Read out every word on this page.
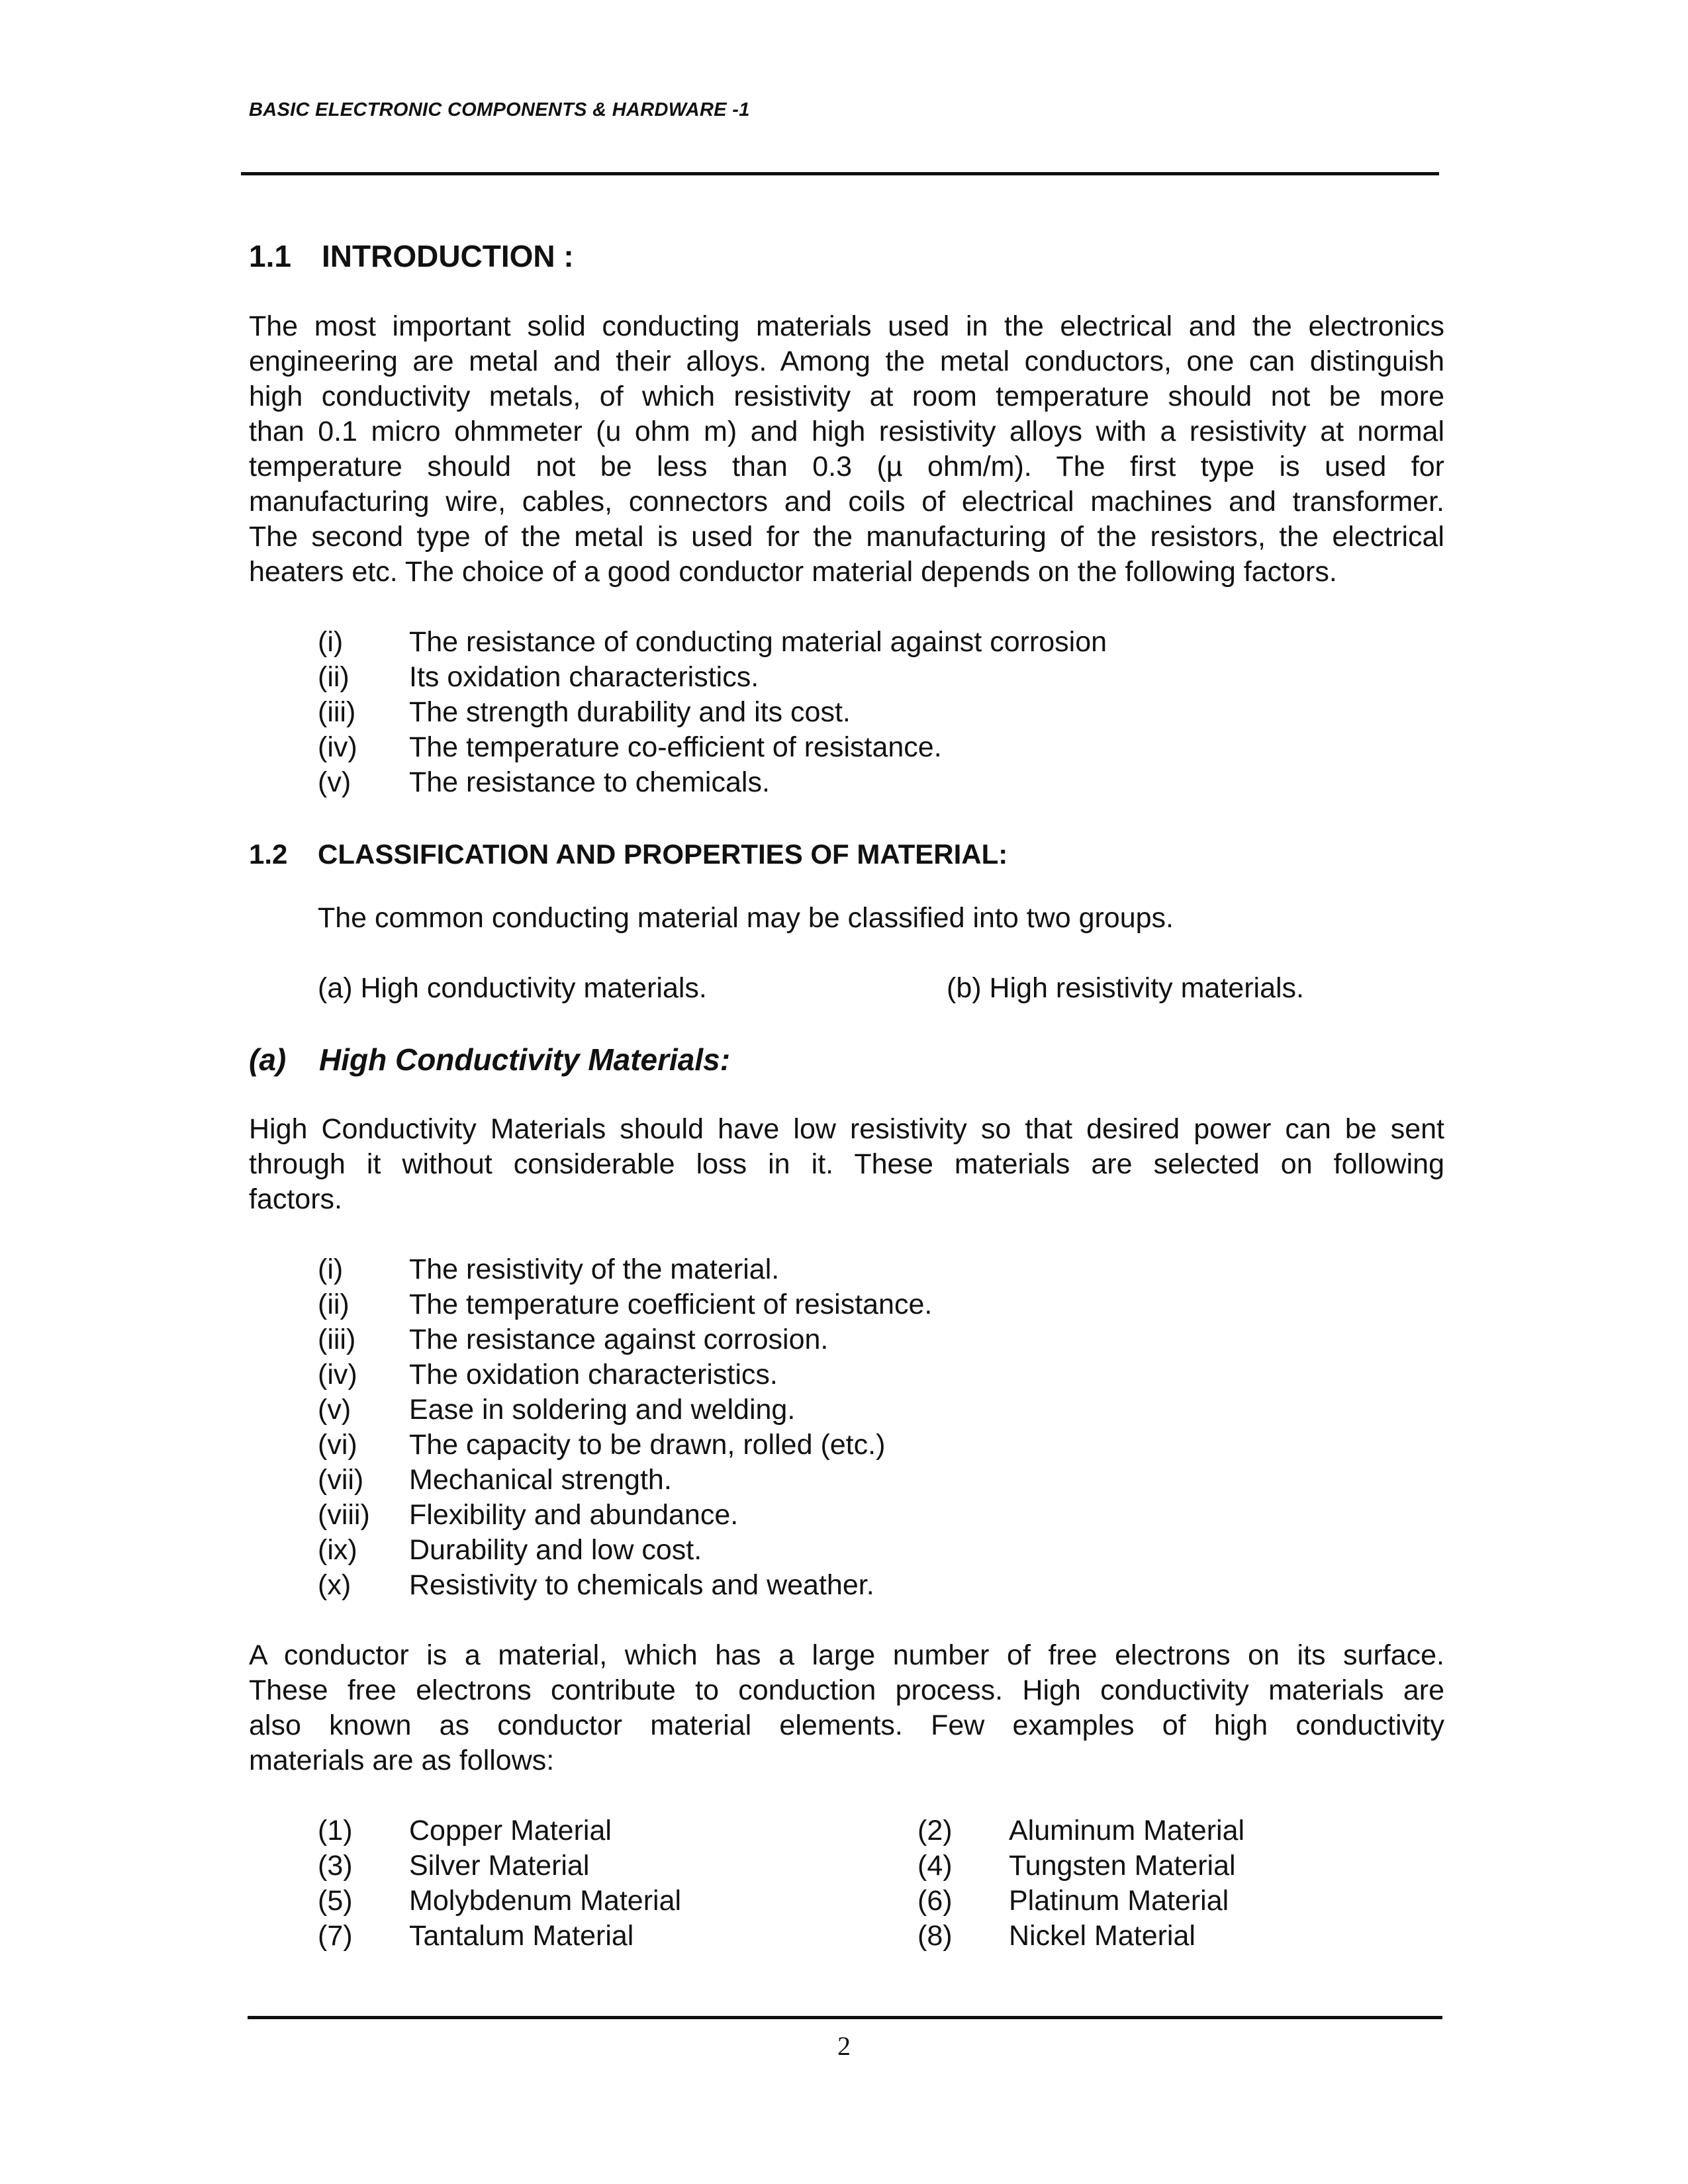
BASIC ELECTRONIC COMPONENTS & HARDWARE -1
1.1	INTRODUCTION :
The most important solid conducting materials used in the electrical and the electronics
engineering are metal and their alloys. Among the metal conductors, one can distinguish
high conductivity metals, of which resistivity at room temperature should not be more
than 0.1 micro ohmmeter (u ohm m) and high resistivity alloys with a resistivity at normal
temperature should not be less than 0.3 (µ ohm/m). The first type is used for
manufacturing wire, cables, connectors and coils of electrical machines and transformer.
The second type of the metal is used for the manufacturing of the resistors, the electrical
heaters etc. The choice of a good conductor material depends on the following factors.
(i)	The resistance of conducting material against corrosion
(ii)	Its oxidation characteristics.
(iii)	The strength durability and its cost.
(iv)	The temperature co-efficient of resistance.
(v)	The resistance to chemicals.
1.2	CLASSIFICATION AND PROPERTIES OF MATERIAL:
The common conducting material may be classified into two groups.
(a) High conductivity materials.	(b) High resistivity materials.
(a)	High Conductivity Materials:
High Conductivity Materials should have low resistivity so that desired power can be sent
through it without considerable loss in it. These materials are selected on following
factors.
(i)	The resistivity of the material.
(ii)	The temperature coefficient of resistance.
(iii)	The resistance against corrosion.
(iv)	The oxidation characteristics.
(v)	Ease in soldering and welding.
(vi)	The capacity to be drawn, rolled (etc.)
(vii)	Mechanical strength.
(viii)	Flexibility and abundance.
(ix)	Durability and low cost.
(x)	Resistivity to chemicals and weather.
A conductor is a material, which has a large number of free electrons on its surface.
These free electrons contribute to conduction process. High conductivity materials are
also known as conductor material elements. Few examples of high conductivity
materials are as follows:
(1)	Copper Material	(2)	Aluminum Material
(3)	Silver Material	(4)	Tungsten Material
(5)	Molybdenum Material	(6)	Platinum Material
(7)	Tantalum Material	(8)	Nickel Material
2
